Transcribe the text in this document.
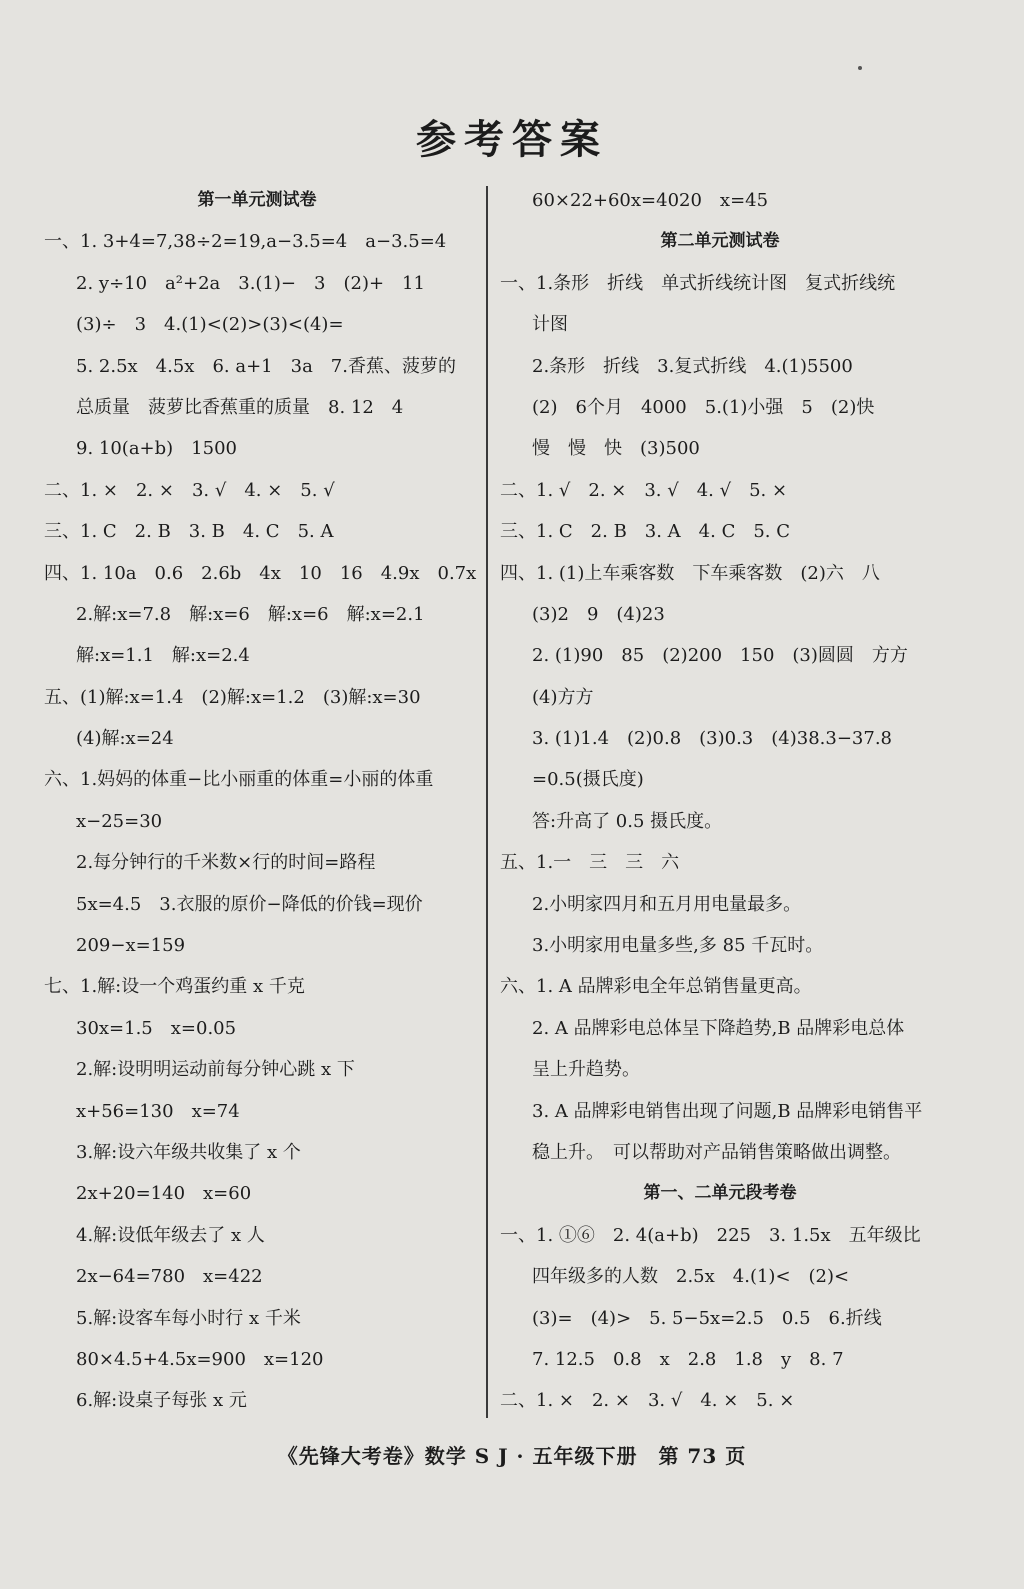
参考答案
第一单元测试卷
一、1. 3+4=7,38÷2=19,a−3.5=4　a−3.5=4
2. y÷10　a²+2a　3.(1)−　3　(2)+　11
(3)÷　3　4.(1)<(2)>(3)<(4)=
5. 2.5x　4.5x　6. a+1　3a　7.香蕉、菠萝的
总质量　菠萝比香蕉重的质量　8. 12　4
9. 10(a+b)　1500
二、1. ×　2. ×　3. √　4. ×　5. √
三、1. C　2. B　3. B　4. C　5. A
四、1. 10a　0.6　2.6b　4x　10　16　4.9x　0.7x
2.解:x=7.8　解:x=6　解:x=6　解:x=2.1
解:x=1.1　解:x=2.4
五、(1)解:x=1.4　(2)解:x=1.2　(3)解:x=30
(4)解:x=24
六、1.妈妈的体重−比小丽重的体重=小丽的体重
x−25=30
2.每分钟行的千米数×行的时间=路程
5x=4.5　3.衣服的原价−降低的价钱=现价
209−x=159
七、1.解:设一个鸡蛋约重 x 千克
30x=1.5　x=0.05
2.解:设明明运动前每分钟心跳 x 下
x+56=130　x=74
3.解:设六年级共收集了 x 个
2x+20=140　x=60
4.解:设低年级去了 x 人
2x−64=780　x=422
5.解:设客车每小时行 x 千米
80×4.5+4.5x=900　x=120
6.解:设桌子每张 x 元
60×22+60x=4020　x=45
第二单元测试卷
一、1.条形　折线　单式折线统计图　复式折线统
计图
2.条形　折线　3.复式折线　4.(1)5500
(2)　6个月　4000　5.(1)小强　5　(2)快
慢　慢　快　(3)500
二、1. √　2. ×　3. √　4. √　5. ×
三、1. C　2. B　3. A　4. C　5. C
四、1. (1)上车乘客数　下车乘客数　(2)六　八
(3)2　9　(4)23
2. (1)90　85　(2)200　150　(3)圆圆　方方
(4)方方
3. (1)1.4　(2)0.8　(3)0.3　(4)38.3−37.8
=0.5(摄氏度)
答:升高了 0.5 摄氏度。
五、1.一　三　三　六
2.小明家四月和五月用电量最多。
3.小明家用电量多些,多 85 千瓦时。
六、1. A 品牌彩电全年总销售量更高。
2. A 品牌彩电总体呈下降趋势,B 品牌彩电总体
呈上升趋势。
3. A 品牌彩电销售出现了问题,B 品牌彩电销售平
稳上升。　可以帮助对产品销售策略做出调整。
第一、二单元段考卷
一、1. ①⑥　2. 4(a+b)　225　3. 1.5x　五年级比
四年级多的人数　2.5x　4.(1)<　(2)<
(3)=　(4)>　5. 5−5x=2.5　0.5　6.折线
7. 12.5　0.8　x　2.8　1.8　y　8. 7
二、1. ×　2. ×　3. √　4. ×　5. ×
《先锋大考卷》数学 S J · 五年级下册　第 73 页
